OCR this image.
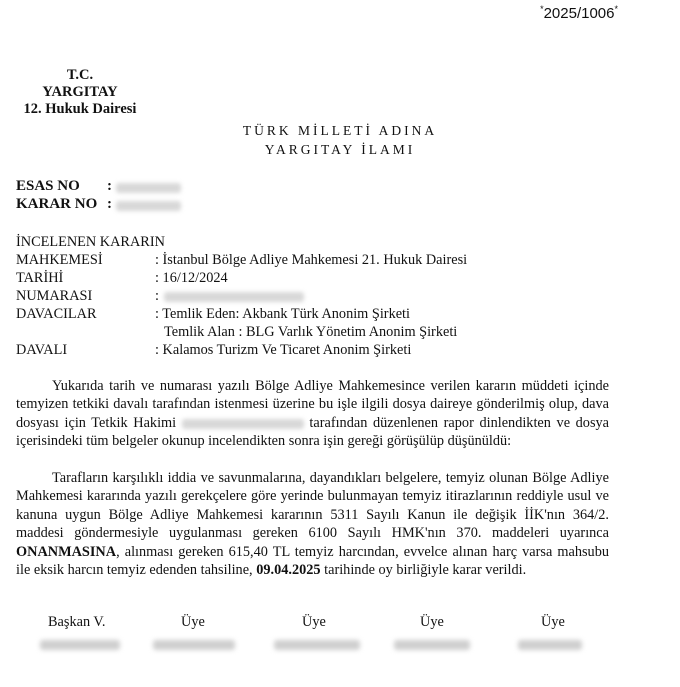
*2025/1006*
T.C.
YARGITAY
12. Hukuk Dairesi
TÜRK MİLLETİ ADINA
YARGITAY İLAMI
ESAS NO :
KARAR NO :
İNCELENEN KARARIN
MAHKEMESİ	: İstanbul Bölge Adliye Mahkemesi 21. Hukuk Dairesi
TARİHİ	: 16/12/2024
NUMARASI	:
DAVACILAR	: Temlik Eden: Akbank Türk Anonim Şirketi
Temlik Alan : BLG Varlık Yönetim Anonim Şirketi
DAVALI	: Kalamos Turizm Ve Ticaret Anonim Şirketi
Yukarıda tarih ve numarası yazılı Bölge Adliye Mahkemesince verilen kararın müddeti içinde temyizen tetkiki davalı tarafından istenmesi üzerine bu işle ilgili dosya daireye gönderilmiş olup, dava dosyası için Tetkik Hakimi	tarafından düzenlenen rapor dinlendikten ve dosya içerisindeki tüm belgeler okunup incelendikten sonra işin gereği görüşülüp düşünüldü:
Tarafların karşılıklı iddia ve savunmalarına, dayandıkları belgelere, temyiz olunan Bölge Adliye Mahkemesi kararında yazılı gerekçelere göre yerinde bulunmayan temyiz itirazlarının reddiyle usul ve kanuna uygun Bölge Adliye Mahkemesi kararının 5311 Sayılı Kanun ile değişik İİK'nın 364/2. maddesi göndermesiyle uygulanması gereken 6100 Sayılı HMK'nın 370. maddeleri uyarınca ONANMASINA, alınması gereken 615,40 TL temyiz harcından, evvelce alınan harç varsa mahsubu ile eksik harcın temyiz edenden tahsiline, 09.04.2025 tarihinde oy birliğiyle karar verildi.
Başkan V.	Üye	Üye	Üye	Üye
